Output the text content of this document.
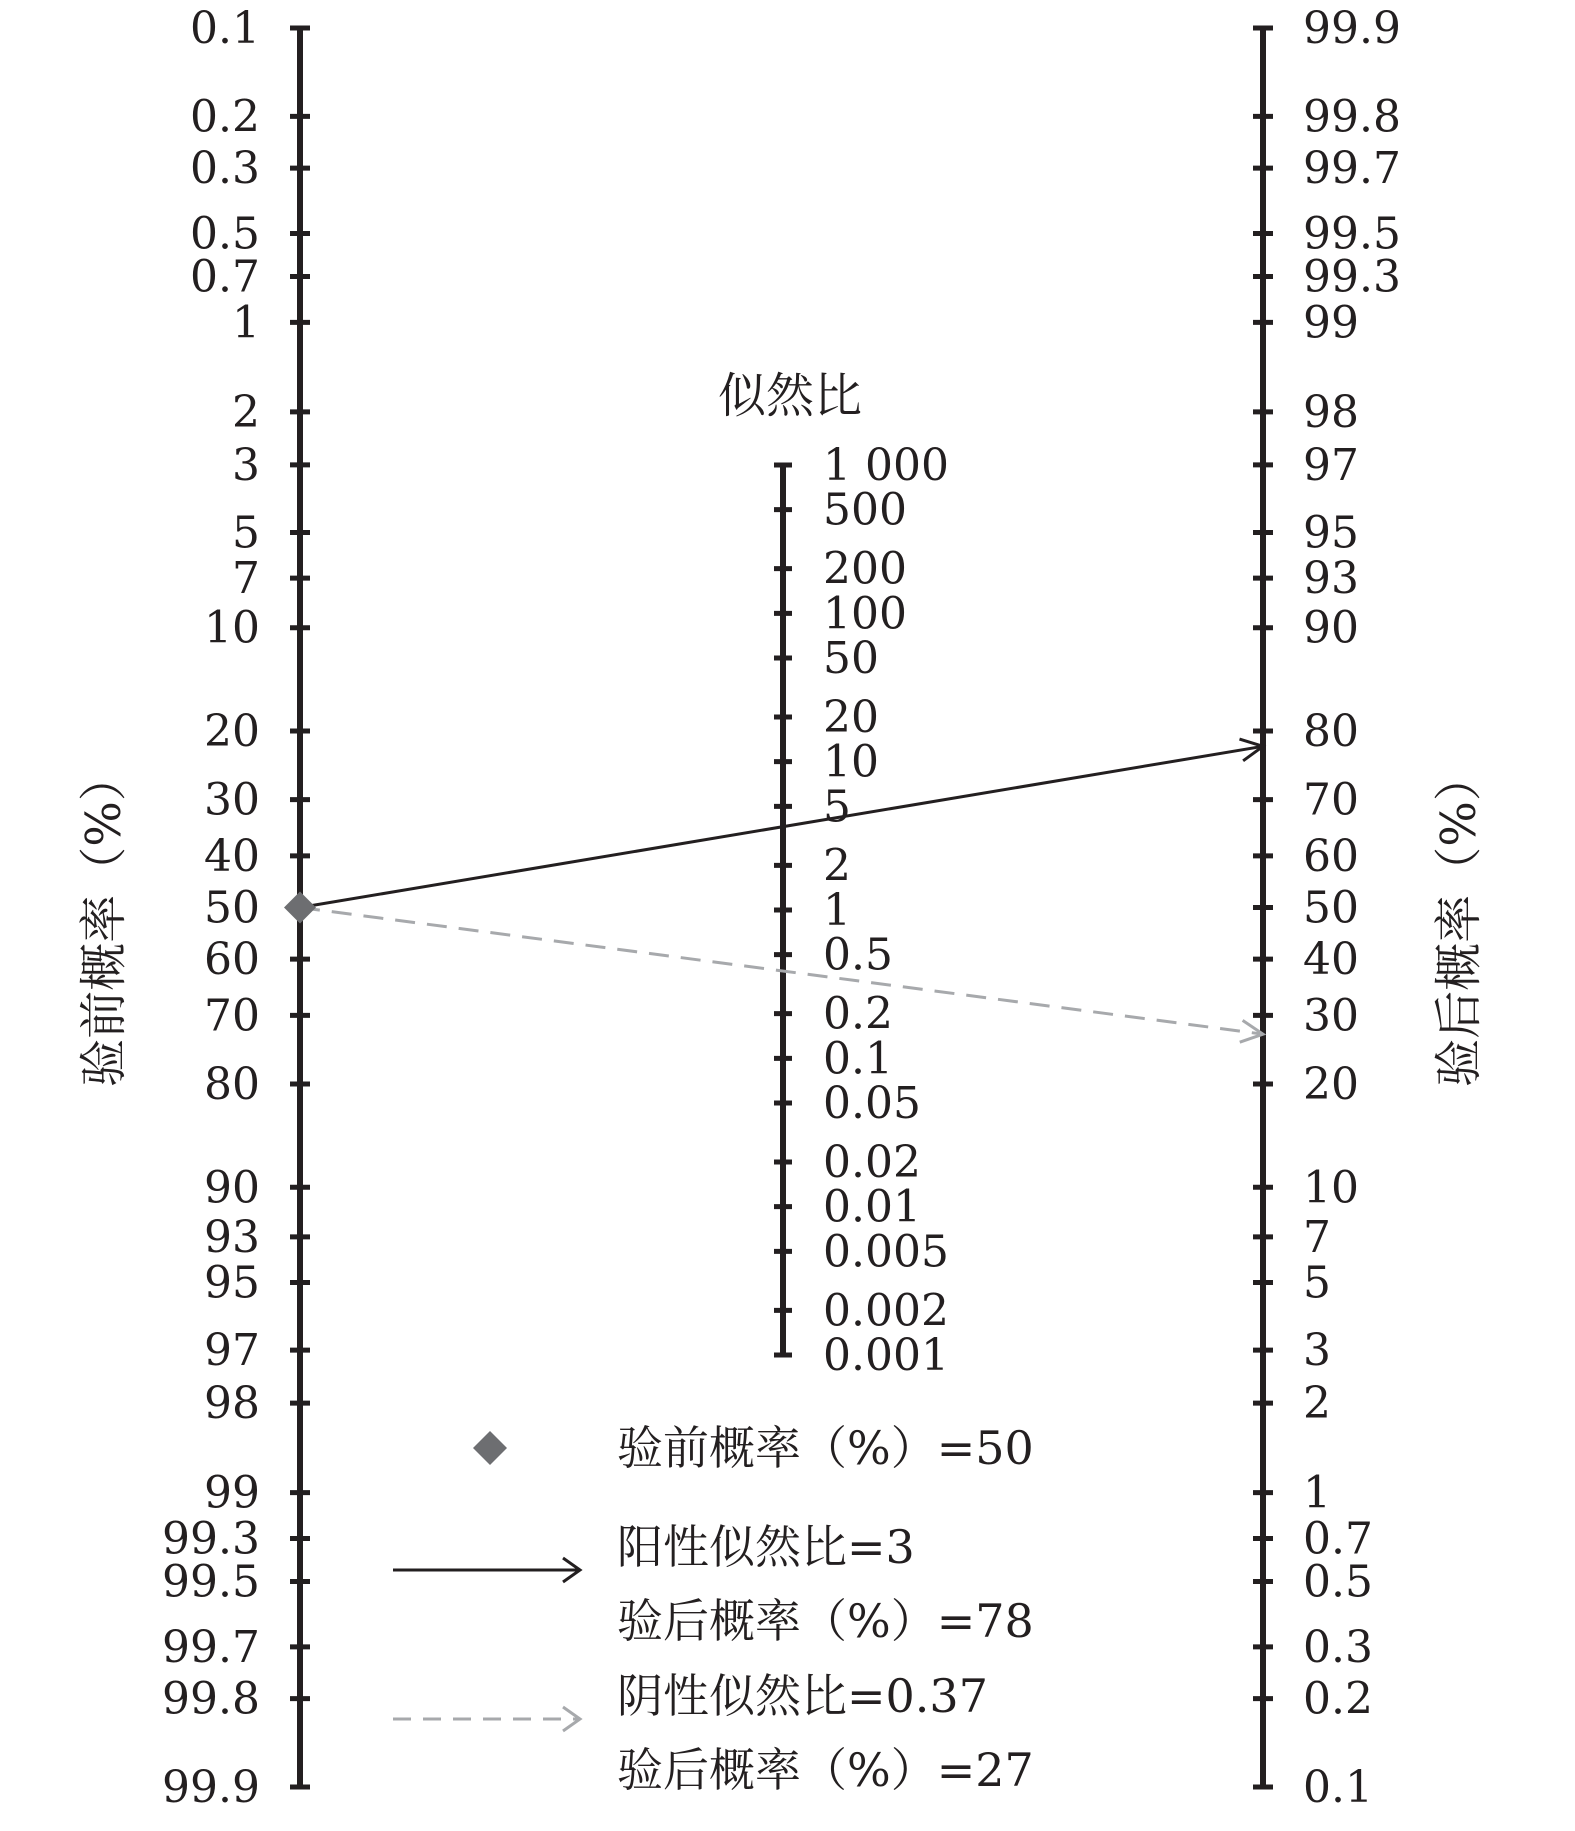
0.1
0.2
0.3
0.5
0.7
1
2
3
5
7
10
20
30
40
50
60
70
80
90
93
95
97
98
99
99.3
99.5
99.7
99.8
99.9
1 000
500
200
100
50
20
10
5
2
1
0.5
0.2
0.1
0.05
0.02
0.01
0.005
0.002
0.001
99.9
99.8
99.7
99.5
99.3
99
98
97
95
93
90
80
70
60
50
40
30
20
10
7
5
3
2
1
0.7
0.5
0.3
0.2
0.1
验前概率（%）
似然比
验后概率（%）
验前概率（%）=50
阳性似然比=3
验后概率（%）=78
阴性似然比=0.37
验后概率（%）=27
